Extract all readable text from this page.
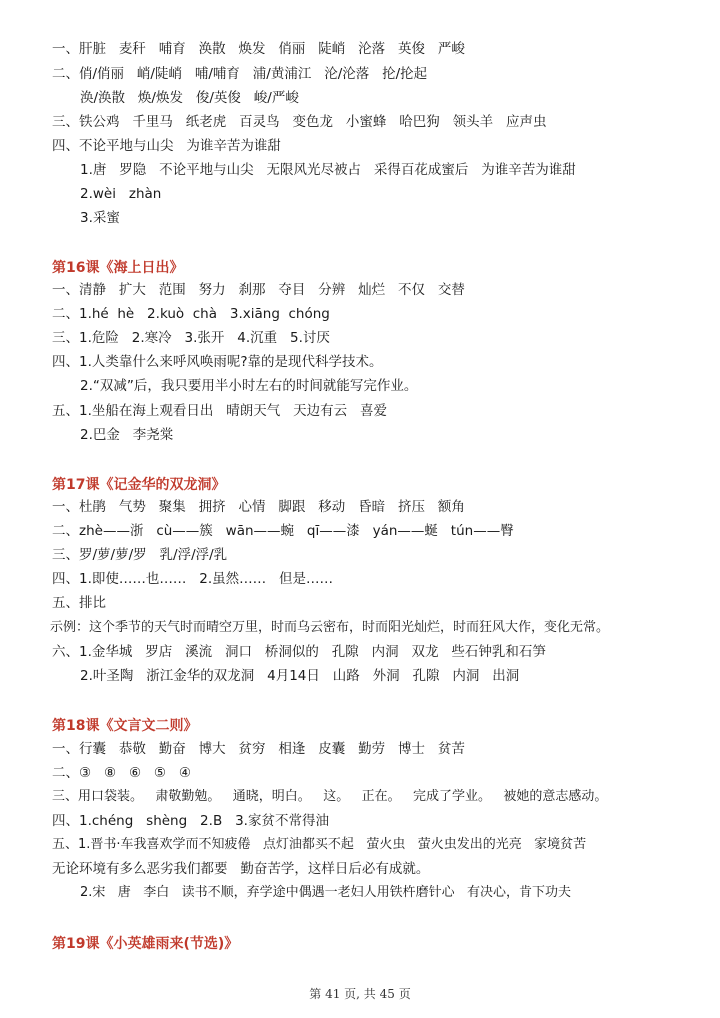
一、肝脏   麦秆   哺育   涣散   焕发   俏丽   陡峭   沦落   英俊   严峻
二、俏/俏丽   峭/陡峭   哺/哺育   浦/黄浦江   沦/沦落   抡/抡起
涣/涣散   焕/焕发   俊/英俊   峻/严峻
三、铁公鸡   千里马   纸老虎   百灵鸟   变色龙   小蜜蜂   哈巴狗   领头羊   应声虫
四、不论平地与山尖   为谁辛苦为谁甜
1.唐   罗隐   不论平地与山尖   无限风光尽被占   采得百花成蜜后   为谁辛苦为谁甜
2.wèi   zhàn
3.采蜜
第16课《海上日出》
一、清静   扩大   范围   努力   刹那   夺目   分辨   灿烂   不仅   交替
二、1.hé  hè   2.kuò  chà   3.xiāng  chóng
三、1.危险   2.寒冷   3.张开   4.沉重   5.讨厌
四、1.人类靠什么来呼风唤雨呢?靠的是现代科学技术。
2.“双减”后，我只要用半小时左右的时间就能写完作业。
五、1.坐船在海上观看日出   晴朗天气   天边有云   喜爱
2.巴金   李尧棠
第17课《记金华的双龙洞》
一、杜鹃   气势   聚集   拥挤   心情   脚跟   移动   昏暗   挤压   额角
二、zhè——浙   cù——簇   wān——蜿   qī——漆   yán——蜒   tún——臀
三、罗/萝/萝/罗   乳/浮/浮/乳
四、1.即使……也……   2.虽然……   但是……
五、排比
示例：这个季节的天气时而晴空万里，时而乌云密布，时而阳光灿烂，时而狂风大作，变化无常。
六、1.金华城   罗店   溪流   洞口   桥洞似的   孔隙   内洞   双龙   些石钟乳和石笋
2.叶圣陶   浙江金华的双龙洞   4月14日   山路   外洞   孔隙   内洞   出洞
第18课《文言文二则》
一、行囊   恭敬   勤奋   博大   贫穷   相逢   皮囊   勤劳   博士   贫苦
二、③   ⑧   ⑥   ⑤   ④
三、用口袋装。   肃敬勤勉。   通晓，明白。   这。   正在。   完成了学业。   被她的意志感动。
四、1.chéng   shèng   2.B   3.家贫不常得油
五、1.晋书·车我喜欢学而不知疲倦   点灯油都买不起   萤火虫   萤火虫发出的光亮   家境贫苦
无论环境有多么恶劣我们都要   勤奋苦学，这样日后必有成就。
2.宋   唐   李白   读书不顺，弃学途中偶遇一老妇人用铁杵磨针心   有决心，肯下功夫
第19课《小英雄雨来(节选)》
第 41 页, 共 45 页
